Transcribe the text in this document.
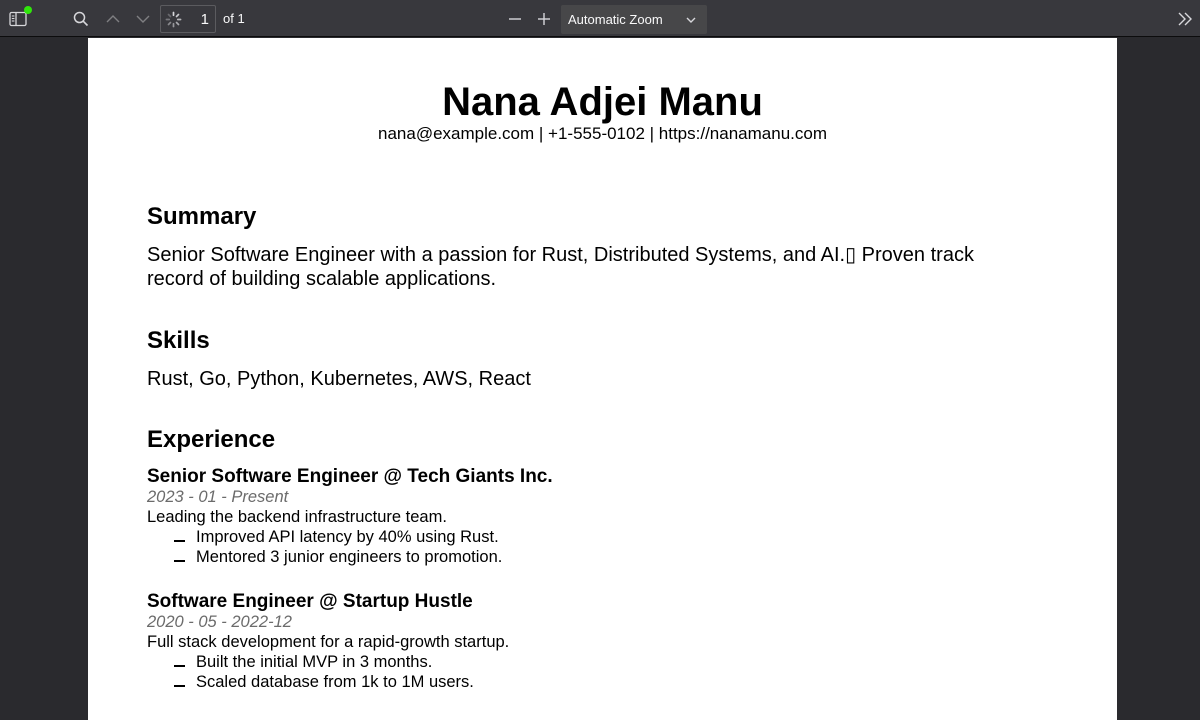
1 of 1	Automatic Zoom
Nana Adjei Manu
nana@example.com | +1-555-0102 | https://nanamanu.com
Summary
Senior Software Engineer with a passion for Rust, Distributed Systems, and AI.▯ Proven track record of building scalable applications.
Skills
Rust, Go, Python, Kubernetes, AWS, React
Experience
Senior Software Engineer @ Tech Giants Inc.
2023 - 01 - Present
Leading the backend infrastructure team.
Improved API latency by 40% using Rust.
Mentored 3 junior engineers to promotion.
Software Engineer @ Startup Hustle
2020 - 05 - 2022-12
Full stack development for a rapid-growth startup.
Built the initial MVP in 3 months.
Scaled database from 1k to 1M users.
